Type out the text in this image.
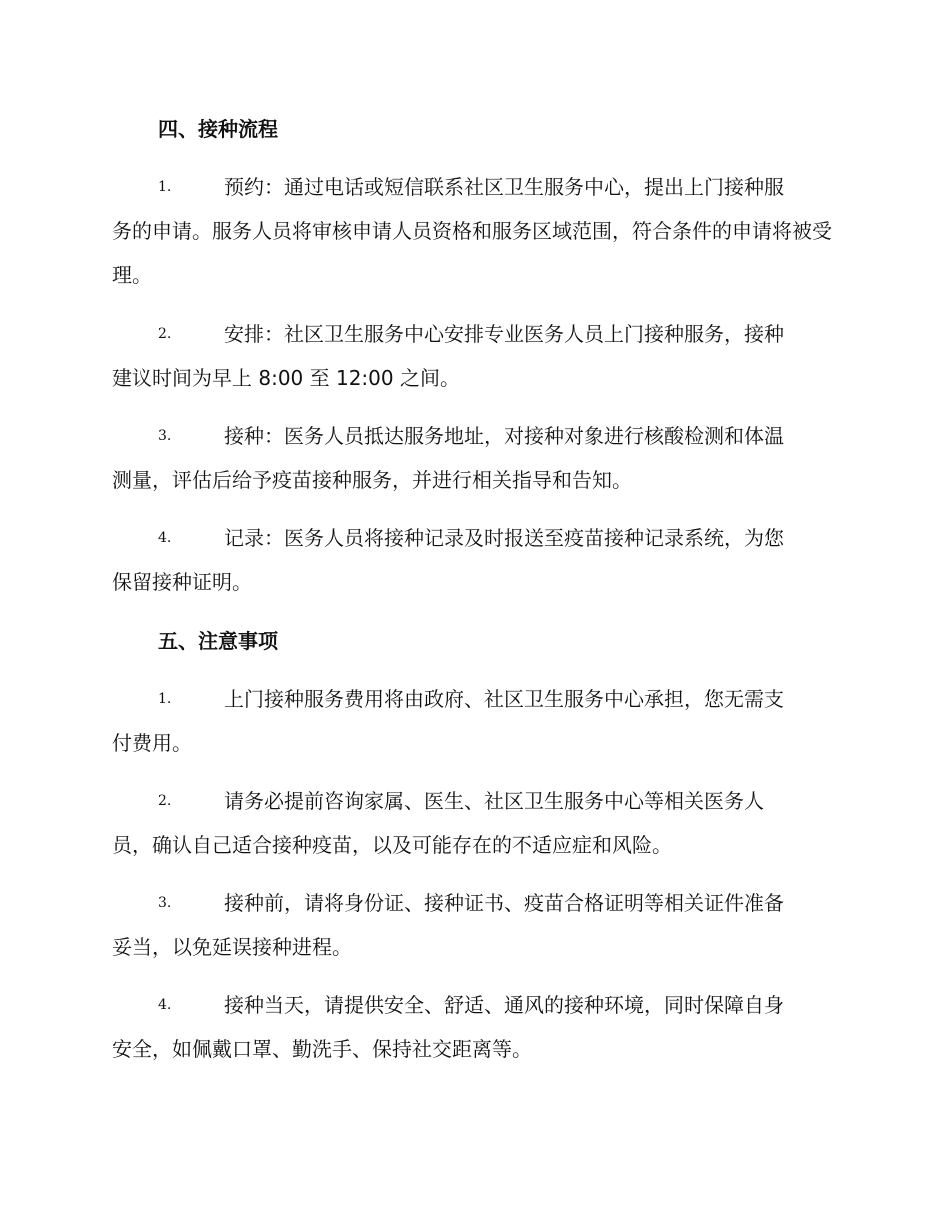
四、接种流程
1.	预约：通过电话或短信联系社区卫生服务中心，提出上门接种服
务的申请。服务人员将审核申请人员资格和服务区域范围，符合条件的申请将被受理。
2.	安排：社区卫生服务中心安排专业医务人员上门接种服务，接种
建议时间为早上 8:00 至 12:00 之间。
3.	接种：医务人员抵达服务地址，对接种对象进行核酸检测和体温
测量，评估后给予疫苗接种服务，并进行相关指导和告知。
4.	记录：医务人员将接种记录及时报送至疫苗接种记录系统，为您
保留接种证明。
五、注意事项
1.	上门接种服务费用将由政府、社区卫生服务中心承担，您无需支
付费用。
2.	请务必提前咨询家属、医生、社区卫生服务中心等相关医务人
员，确认自己适合接种疫苗，以及可能存在的不适应症和风险。
3.	接种前，请将身份证、接种证书、疫苗合格证明等相关证件准备
妥当，以免延误接种进程。
4.	接种当天，请提供安全、舒适、通风的接种环境，同时保障自身
安全，如佩戴口罩、勤洗手、保持社交距离等。
